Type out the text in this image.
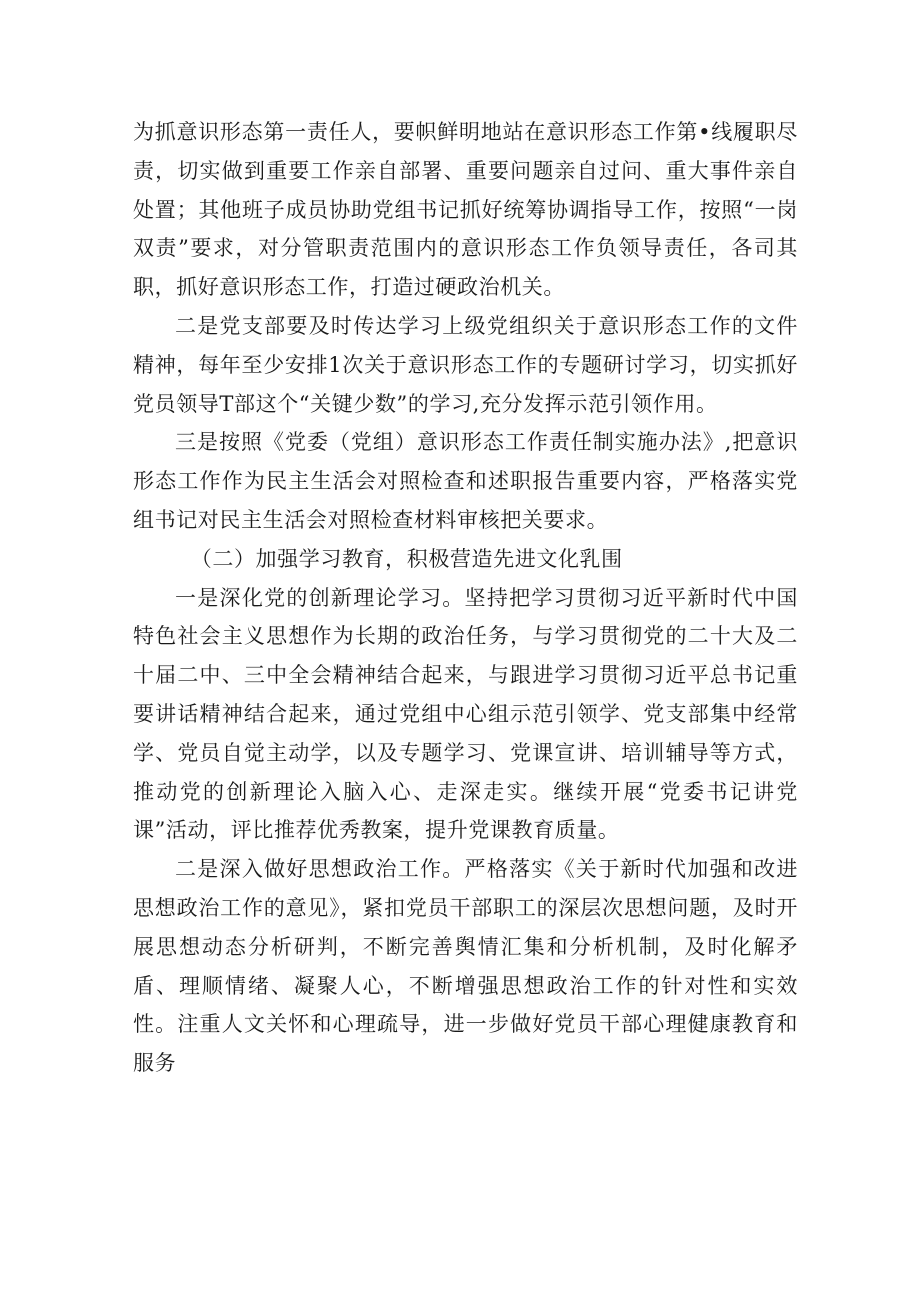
为抓意识形态第一责任人，要帜鲜明地站在意识形态工作第•线履职尽责，切实做到重要工作亲自部署、重要问题亲自过问、重大事件亲自处置；其他班子成员协助党组书记抓好统筹协调指导工作，按照“一岗双责”要求，对分管职责范围内的意识形态工作负领导责任，各司其职，抓好意识形态工作，打造过硬政治机关。

二是党支部要及时传达学习上级党组织关于意识形态工作的文件精神，每年至少安排1次关于意识形态工作的专题研讨学习，切实抓好党员领导T部这个“关键少数”的学习,充分发挥示范引领作用。

三是按照《党委（党组）意识形态工作责任制实施办法》,把意识形态工作作为民主生活会对照检查和述职报告重要内容，严格落实党组书记对民主生活会对照检查材料审核把关要求。

（二）加强学习教育，积极营造先进文化乳围

一是深化党的创新理论学习。坚持把学习贯彻习近平新时代中国特色社会主义思想作为长期的政治任务，与学习贯彻党的二十大及二十届二中、三中全会精神结合起来，与跟进学习贯彻习近平总书记重要讲话精神结合起来，通过党组中心组示范引领学、党支部集中经常学、党员自觉主动学，以及专题学习、党课宣讲、培训辅导等方式，推动党的创新理论入脑入心、走深走实。继续开展“党委书记讲党课”活动，评比推荐优秀教案，提升党课教育质量。

二是深入做好思想政治工作。严格落实《关于新时代加强和改进思想政治工作的意见》，紧扣党员干部职工的深层次思想问题，及时开展思想动态分析研判，不断完善舆情汇集和分析机制，及时化解矛盾、理顺情绪、凝聚人心，不断增强思想政治工作的针对性和实效性。注重人文关怀和心理疏导，进一步做好党员干部心理健康教育和服务
